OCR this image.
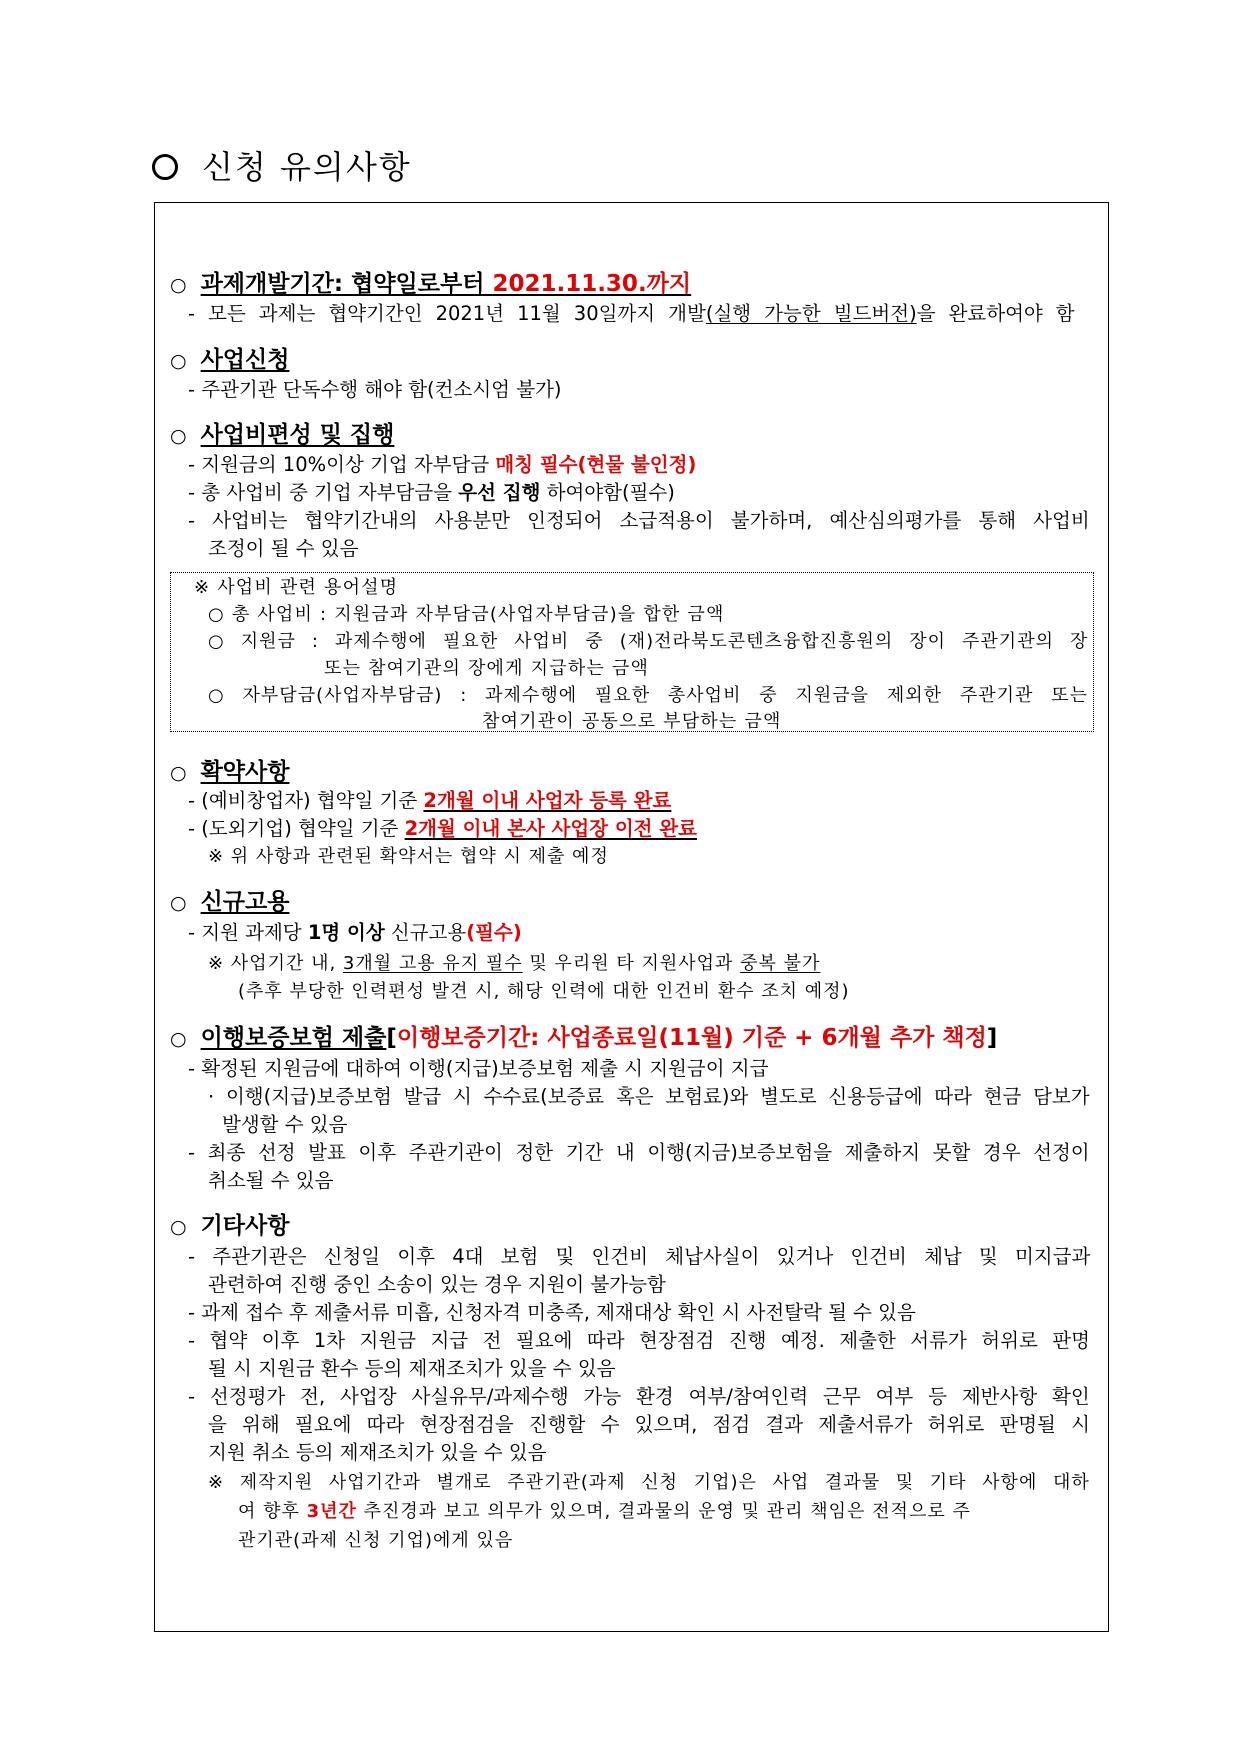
신청 유의사항
○ 과제개발기간: 협약일로부터 2021.11.30.까지
- 모든 과제는 협약기간인 2021년 11월 30일까지 개발(실행 가능한 빌드버전)을 완료하여야 함
○ 사업신청
- 주관기관 단독수행 해야 함(컨소시엄 불가)
○ 사업비편성 및 집행
- 지원금의 10%이상 기업 자부담금 매칭 필수(현물 불인정)
- 총 사업비 중 기업 자부담금을 우선 집행 하여야함(필수)
- 사업비는 협약기간내의 사용분만 인정되어 소급적용이 불가하며, 예산심의평가를 통해 사업비
조정이 될 수 있음
※ 사업비 관련 용어설명
○ 총 사업비 : 지원금과 자부담금(사업자부담금)을 합한 금액
○ 지원금 : 과제수행에 필요한 사업비 중 (재)전라북도콘텐츠융합진흥원의 장이 주관기관의 장
또는 참여기관의 장에게 지급하는 금액
○ 자부담금(사업자부담금) : 과제수행에 필요한 총사업비 중 지원금을 제외한 주관기관 또는
참여기관이 공동으로 부담하는 금액
○ 확약사항
- (예비창업자) 협약일 기준 2개월 이내 사업자 등록 완료
- (도외기업) 협약일 기준 2개월 이내 본사 사업장 이전 완료
※ 위 사항과 관련된 확약서는 협약 시 제출 예정
○ 신규고용
- 지원 과제당 1명 이상 신규고용(필수)
※ 사업기간 내, 3개월 고용 유지 필수 및 우리원 타 지원사업과 중복 불가
(추후 부당한 인력편성 발견 시, 해당 인력에 대한 인건비 환수 조치 예정)
○ 이행보증보험 제출[이행보증기간: 사업종료일(11월) 기준 + 6개월 추가 책정]
- 확정된 지원금에 대하여 이행(지급)보증보험 제출 시 지원금이 지급
· 이행(지급)보증보험 발급 시 수수료(보증료 혹은 보험료)와 별도로 신용등급에 따라 현금 담보가
발생할 수 있음
- 최종 선정 발표 이후 주관기관이 정한 기간 내 이행(지금)보증보험을 제출하지 못할 경우 선정이
취소될 수 있음
○ 기타사항
- 주관기관은 신청일 이후 4대 보험 및 인건비 체납사실이 있거나 인건비 체납 및 미지급과
관련하여 진행 중인 소송이 있는 경우 지원이 불가능함
- 과제 접수 후 제출서류 미흡, 신청자격 미충족, 제재대상 확인 시 사전탈락 될 수 있음
- 협약 이후 1차 지원금 지급 전 필요에 따라 현장점검 진행 예정. 제출한 서류가 허위로 판명
될 시 지원금 환수 등의 제재조치가 있을 수 있음
- 선정평가 전, 사업장 사실유무/과제수행 가능 환경 여부/참여인력 근무 여부 등 제반사항 확인
을 위해 필요에 따라 현장점검을 진행할 수 있으며, 점검 결과 제출서류가 허위로 판명될 시
지원 취소 등의 제재조치가 있을 수 있음
※ 제작지원 사업기간과 별개로 주관기관(과제 신청 기업)은 사업 결과물 및 기타 사항에 대하
여 향후 3년간 추진경과 보고 의무가 있으며, 결과물의 운영 및 관리 책임은 전적으로 주
관기관(과제 신청 기업)에게 있음
